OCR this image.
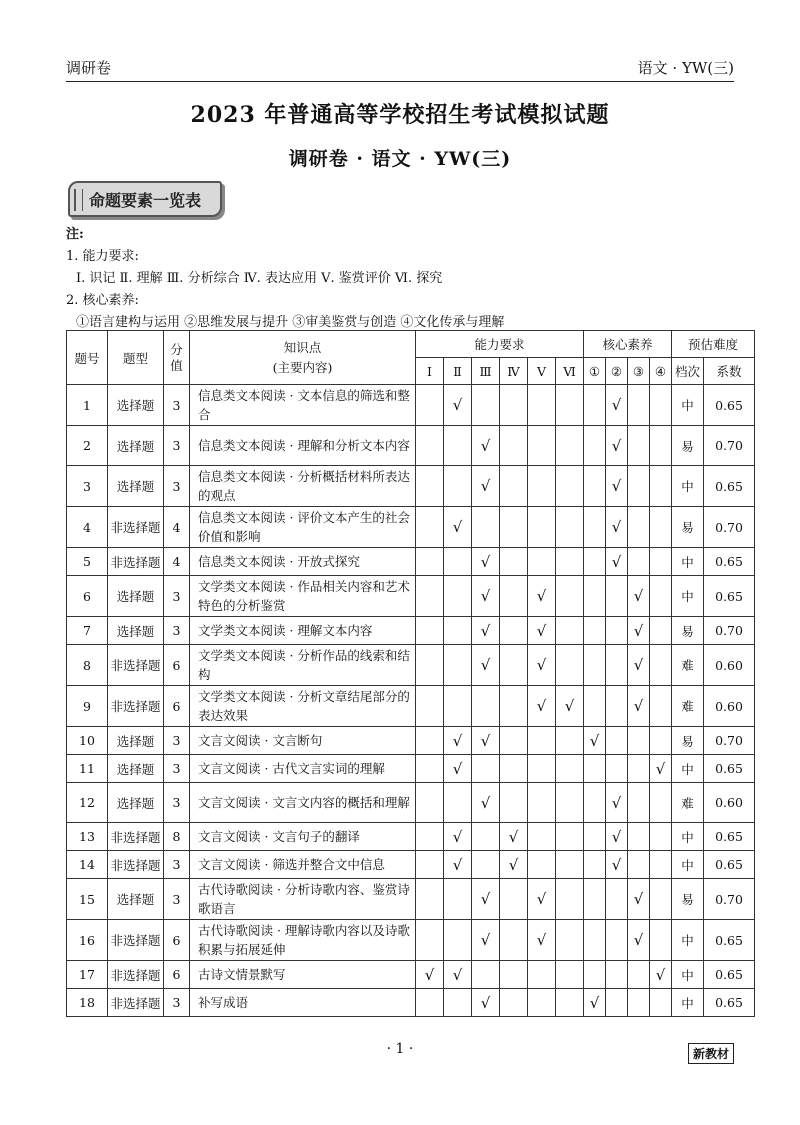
调研卷	语文 · YW(三)
2023 年普通高等学校招生考试模拟试题
调研卷 · 语文 · YW(三)
命题要素一览表
注:
1. 能力要求:
Ⅰ. 识记 Ⅱ. 理解 Ⅲ. 分析综合 Ⅳ. 表达应用 Ⅴ. 鉴赏评价 Ⅵ. 探究
2. 核心素养:
①语言建构与运用 ②思维发展与提升 ③审美鉴赏与创造 ④文化传承与理解
题号	题型	分值	知识点
(主要内容)	能力要求						核心素养				预估难度	
				Ⅰ	Ⅱ	Ⅲ	Ⅳ	Ⅴ	Ⅵ	①	②	③	④	档次	系数
1	选择题	3	信息类文本阅读 · 文本信息的筛选和整合		√						√			中	0.65
2	选择题	3	信息类文本阅读 · 理解和分析文本内容			√					√			易	0.70
3	选择题	3	信息类文本阅读 · 分析概括材料所表达的观点			√					√			中	0.65
4	非选择题	4	信息类文本阅读 · 评价文本产生的社会价值和影响		√						√			易	0.70
5	非选择题	4	信息类文本阅读 · 开放式探究			√					√			中	0.65
6	选择题	3	文学类文本阅读 · 作品相关内容和艺术特色的分析鉴赏			√		√				√		中	0.65
7	选择题	3	文学类文本阅读 · 理解文本内容			√		√				√		易	0.70
8	非选择题	6	文学类文本阅读 · 分析作品的线索和结构			√		√				√		难	0.60
9	非选择题	6	文学类文本阅读 · 分析文章结尾部分的表达效果					√	√			√		难	0.60
10	选择题	3	文言文阅读 · 文言断句		√	√				√				易	0.70
11	选择题	3	文言文阅读 · 古代文言实词的理解		√								√	中	0.65
12	选择题	3	文言文阅读 · 文言文内容的概括和理解			√					√			难	0.60
13	非选择题	8	文言文阅读 · 文言句子的翻译		√		√				√			中	0.65
14	非选择题	3	文言文阅读 · 筛选并整合文中信息		√		√				√			中	0.65
15	选择题	3	古代诗歌阅读 · 分析诗歌内容、鉴赏诗歌语言			√		√				√		易	0.70
16	非选择题	6	古代诗歌阅读 · 理解诗歌内容以及诗歌积累与拓展延伸			√		√				√		中	0.65
17	非选择题	6	古诗文情景默写	√	√								√	中	0.65
18	非选择题	3	补写成语			√				√				中	0.65
· 1 ·	新教材
